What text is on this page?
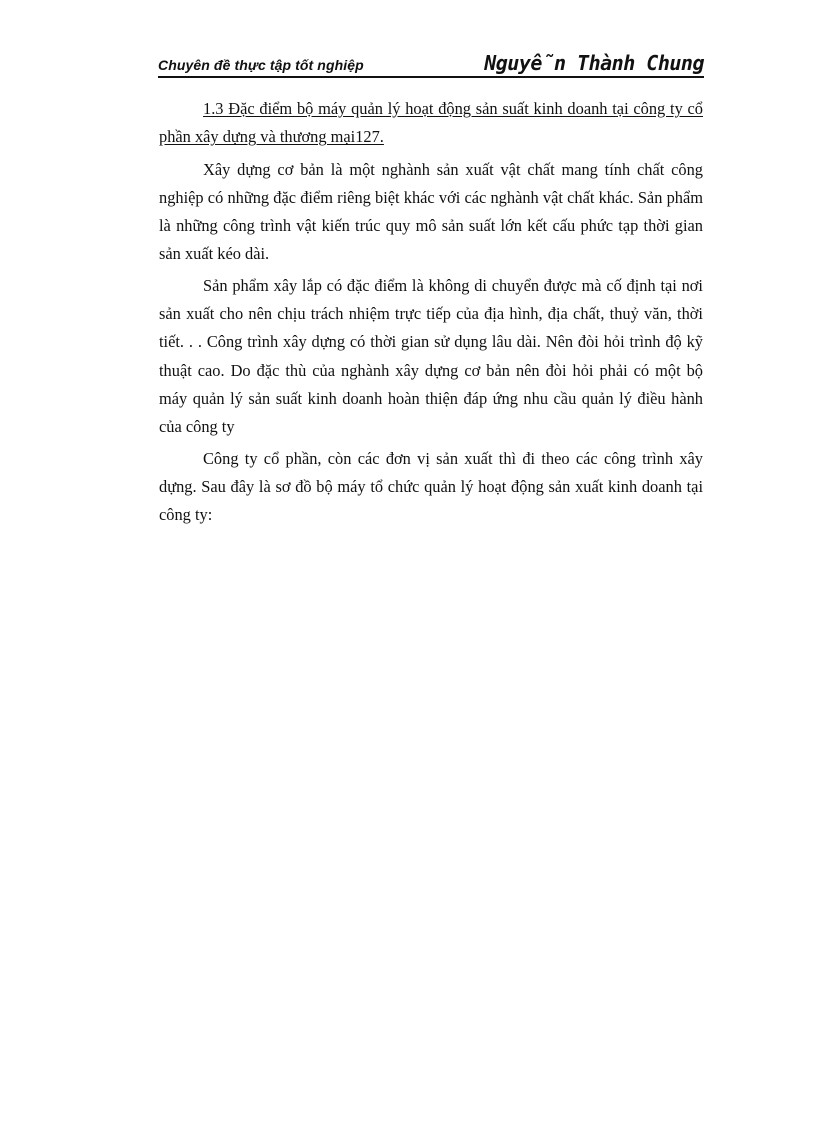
Chuyên đề thực tập tốt nghiệp	Nguyễn Thành Chung

1.3 Đặc điểm bộ máy quản lý hoạt động sản suất kinh doanh tại công ty cổ phần xây dựng và thương mại127.

Xây dựng cơ bản là một nghành sản xuất vật chất mang tính chất công nghiệp có những đặc điểm riêng biệt khác với các nghành vật chất khác. Sản phẩm là những công trình vật kiến trúc quy mô sản suất lớn kết cấu phức tạp thời gian sản xuất kéo dài.

Sản phẩm xây lắp có đặc điểm là không di chuyển được mà cố định tại nơi sản xuất cho nên chịu trách nhiệm trực tiếp của địa hình, địa chất, thuỷ văn, thời tiết. . . Công trình xây dựng có thời gian sử dụng lâu dài. Nên đòi hỏi trình độ kỹ thuật cao. Do đặc thù của nghành xây dựng cơ bản nên đòi hỏi phải có một bộ máy quản lý sản suất kinh doanh hoàn thiện đáp ứng nhu cầu quản lý điều hành của công ty

Công ty cổ phần, còn các đơn vị sản xuất thì đi theo các công trình xây dựng. Sau đây là sơ đồ bộ máy tổ chức quản lý hoạt động sản xuất kinh doanh tại công ty:
